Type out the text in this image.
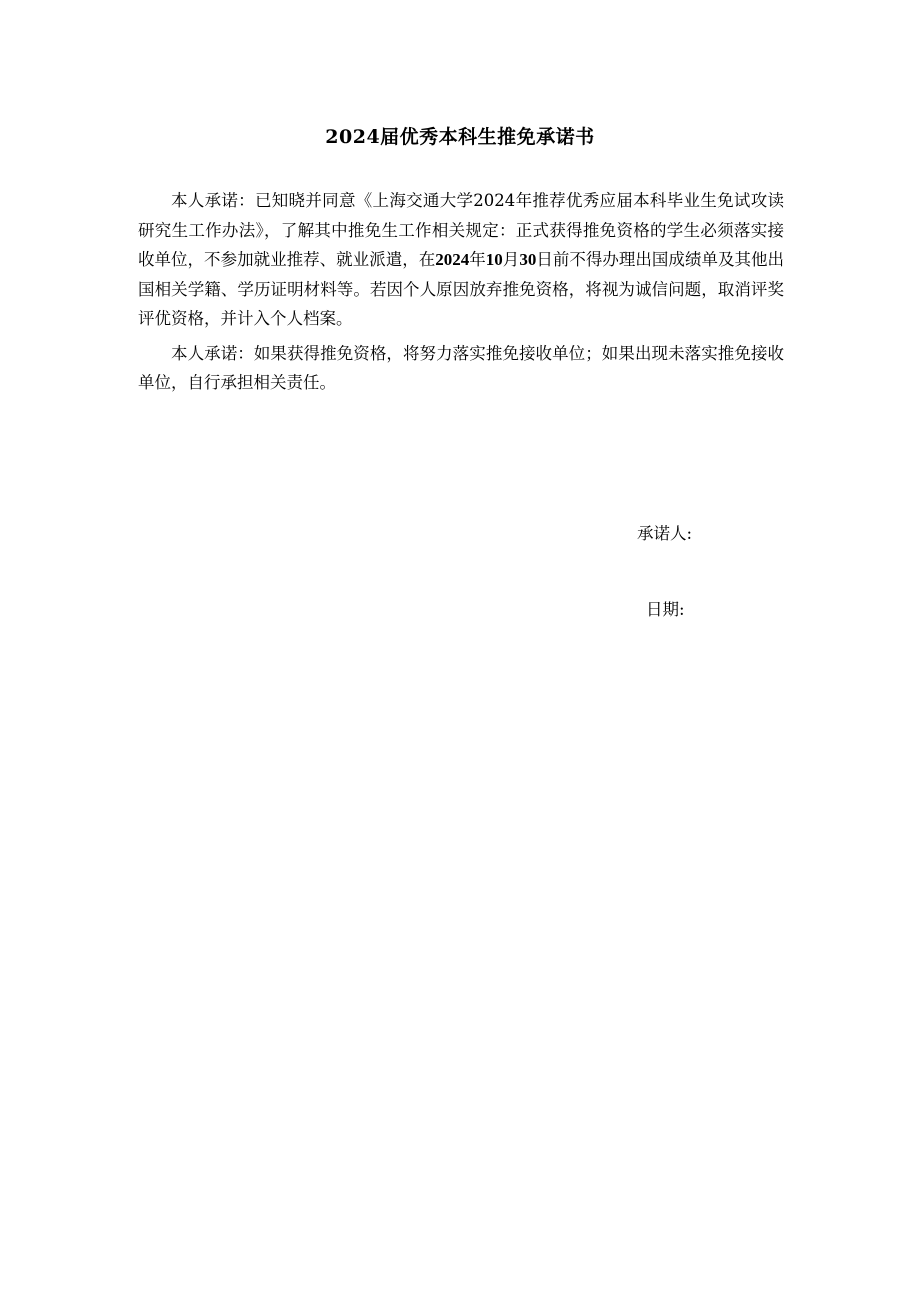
2024届优秀本科生推免承诺书

本人承诺：已知晓并同意《上海交通大学2024年推荐优秀应届本科毕业生免试攻读研究生工作办法》，了解其中推免生工作相关规定：正式获得推免资格的学生必须落实接收单位，不参加就业推荐、就业派遣，在2024年10月30日前不得办理出国成绩单及其他出国相关学籍、学历证明材料等。若因个人原因放弃推免资格，将视为诚信问题，取消评奖评优资格，并计入个人档案。

本人承诺：如果获得推免资格，将努力落实推免接收单位；如果出现未落实推免接收单位，自行承担相关责任。

承诺人:
日期:
